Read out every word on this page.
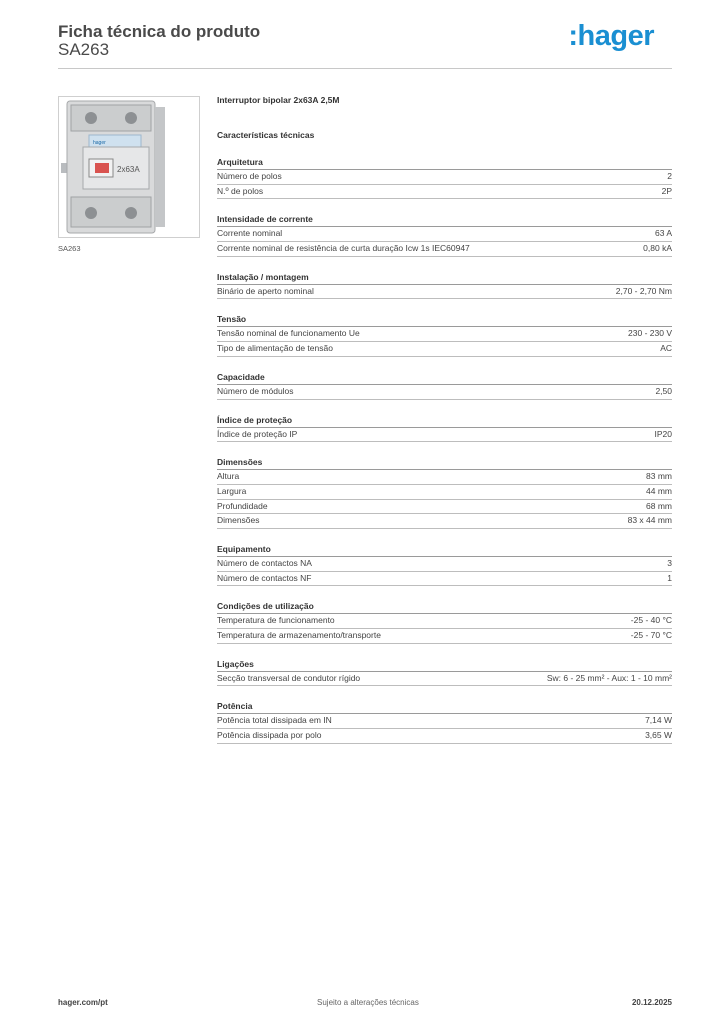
Ficha técnica do produto
SA263	:hager
hager
2x63A
SA263
Interruptor bipolar 2x63A 2,5M
Características técnicas
Arquitetura
Número de polos	2
N.º de polos	2P
Intensidade de corrente
Corrente nominal	63 A
Corrente nominal de resistência de curta duração Icw 1s IEC60947	0,80 kA
Instalação / montagem
Binário de aperto nominal	2,70 - 2,70 Nm
Tensão
Tensão nominal de funcionamento Ue	230 - 230 V
Tipo de alimentação de tensão	AC
Capacidade
Número de módulos	2,50
Índice de proteção
Índice de proteção IP	IP20
Dimensões
Altura	83 mm
Largura	44 mm
Profundidade	68 mm
Dimensões	83 x 44 mm
Equipamento
Número de contactos NA	3
Número de contactos NF	1
Condições de utilização
Temperatura de funcionamento	-25 - 40 °C
Temperatura de armazenamento/transporte	-25 - 70 °C
Ligações
Secção transversal de condutor rígido	Sw: 6 - 25 mm² - Aux: 1 - 10 mm²
Potência
Potência total dissipada em IN	7,14 W
Potência dissipada por polo	3,65 W
hager.com/pt	Sujeito a alterações técnicas	20.12.2025
